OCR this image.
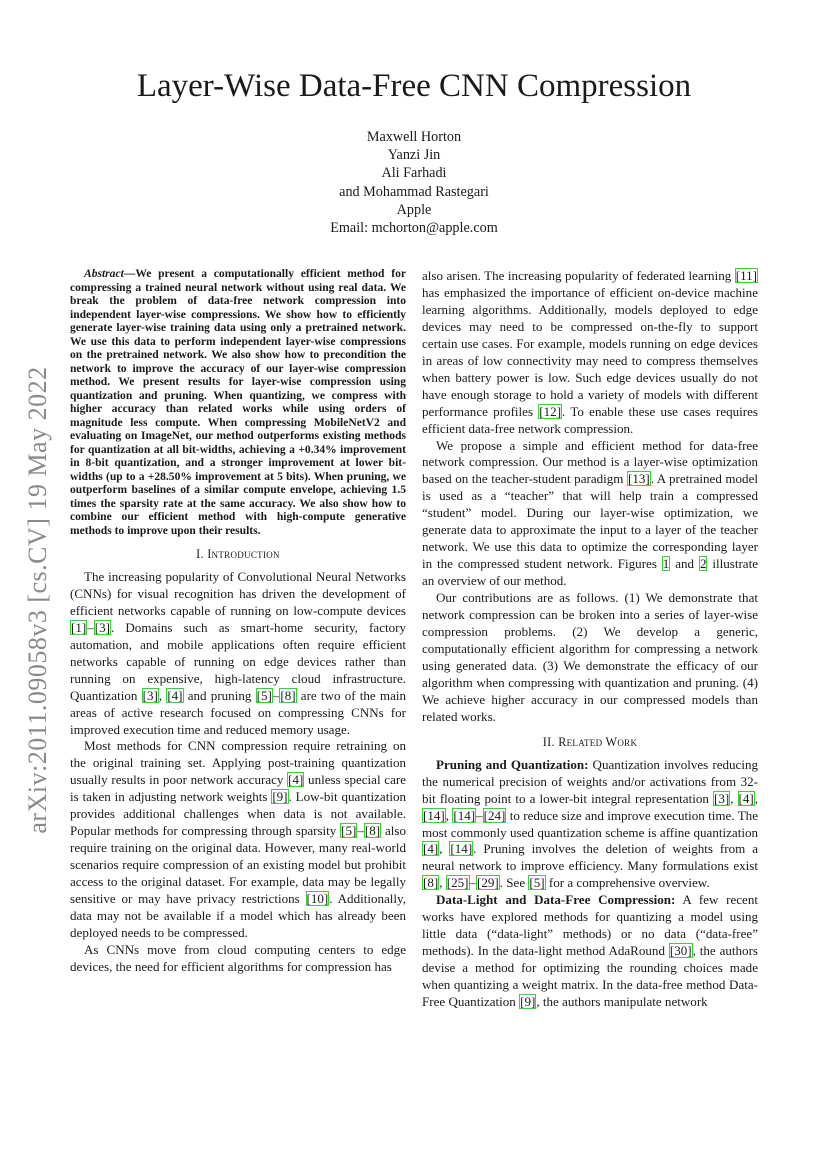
arXiv:2011.09058v3 [cs.CV] 19 May 2022
Layer-Wise Data-Free CNN Compression
Maxwell Horton
Yanzi Jin
Ali Farhadi
and Mohammad Rastegari
Apple
Email: mchorton@apple.com

Abstract—We present a computationally efficient method for compressing a trained neural network without using real data. We break the problem of data-free network compression into independent layer-wise compressions. We show how to efficiently generate layer-wise training data using only a pretrained network. We use this data to perform independent layer-wise compressions on the pretrained network. We also show how to precondition the network to improve the accuracy of our layer-wise compression method. We present results for layer-wise compression using quantization and pruning. When quantizing, we compress with higher accuracy than related works while using orders of magnitude less compute. When compressing MobileNetV2 and evaluating on ImageNet, our method outperforms existing methods for quantization at all bit-widths, achieving a +0.34% improvement in 8-bit quantization, and a stronger improvement at lower bit-widths (up to a +28.50% improvement at 5 bits). When pruning, we outperform baselines of a similar compute envelope, achieving 1.5 times the sparsity rate at the same accuracy. We also show how to combine our efficient method with high-compute generative methods to improve upon their results.

I. Introduction

The increasing popularity of Convolutional Neural Networks (CNNs) for visual recognition has driven the development of efficient networks capable of running on low-compute devices [1]–[3]. Domains such as smart-home security, factory automation, and mobile applications often require efficient networks capable of running on edge devices rather than running on expensive, high-latency cloud infrastructure. Quantization [3], [4] and pruning [5]–[8] are two of the main areas of active research focused on compressing CNNs for improved execution time and reduced memory usage.

Most methods for CNN compression require retraining on the original training set. Applying post-training quantization usually results in poor network accuracy [4] unless special care is taken in adjusting network weights [9]. Low-bit quantization provides additional challenges when data is not available. Popular methods for compressing through sparsity [5]–[8] also require training on the original data. However, many real-world scenarios require compression of an existing model but prohibit access to the original dataset. For example, data may be legally sensitive or may have privacy restrictions [10]. Additionally, data may not be available if a model which has already been deployed needs to be compressed.

As CNNs move from cloud computing centers to edge devices, the need for efficient algorithms for compression has

also arisen. The increasing popularity of federated learning [11] has emphasized the importance of efficient on-device machine learning algorithms. Additionally, models deployed to edge devices may need to be compressed on-the-fly to support certain use cases. For example, models running on edge devices in areas of low connectivity may need to compress themselves when battery power is low. Such edge devices usually do not have enough storage to hold a variety of models with different performance profiles [12]. To enable these use cases requires efficient data-free network compression.

We propose a simple and efficient method for data-free network compression. Our method is a layer-wise optimization based on the teacher-student paradigm [13]. A pretrained model is used as a “teacher” that will help train a compressed “student” model. During our layer-wise optimization, we generate data to approximate the input to a layer of the teacher network. We use this data to optimize the corresponding layer in the compressed student network. Figures 1 and 2 illustrate an overview of our method.

Our contributions are as follows. (1) We demonstrate that network compression can be broken into a series of layer-wise compression problems. (2) We develop a generic, computationally efficient algorithm for compressing a network using generated data. (3) We demonstrate the efficacy of our algorithm when compressing with quantization and pruning. (4) We achieve higher accuracy in our compressed models than related works.

II. Related Work

Pruning and Quantization: Quantization involves reducing the numerical precision of weights and/or activations from 32-bit floating point to a lower-bit integral representation [3], [4], [14], [14]–[24] to reduce size and improve execution time. The most commonly used quantization scheme is affine quantization [4], [14]. Pruning involves the deletion of weights from a neural network to improve efficiency. Many formulations exist [8], [25]–[29]. See [5] for a comprehensive overview.

Data-Light and Data-Free Compression: A few recent works have explored methods for quantizing a model using little data (“data-light” methods) or no data (“data-free” methods). In the data-light method AdaRound [30], the authors devise a method for optimizing the rounding choices made when quantizing a weight matrix. In the data-free method Data-Free Quantization [9], the authors manipulate network
